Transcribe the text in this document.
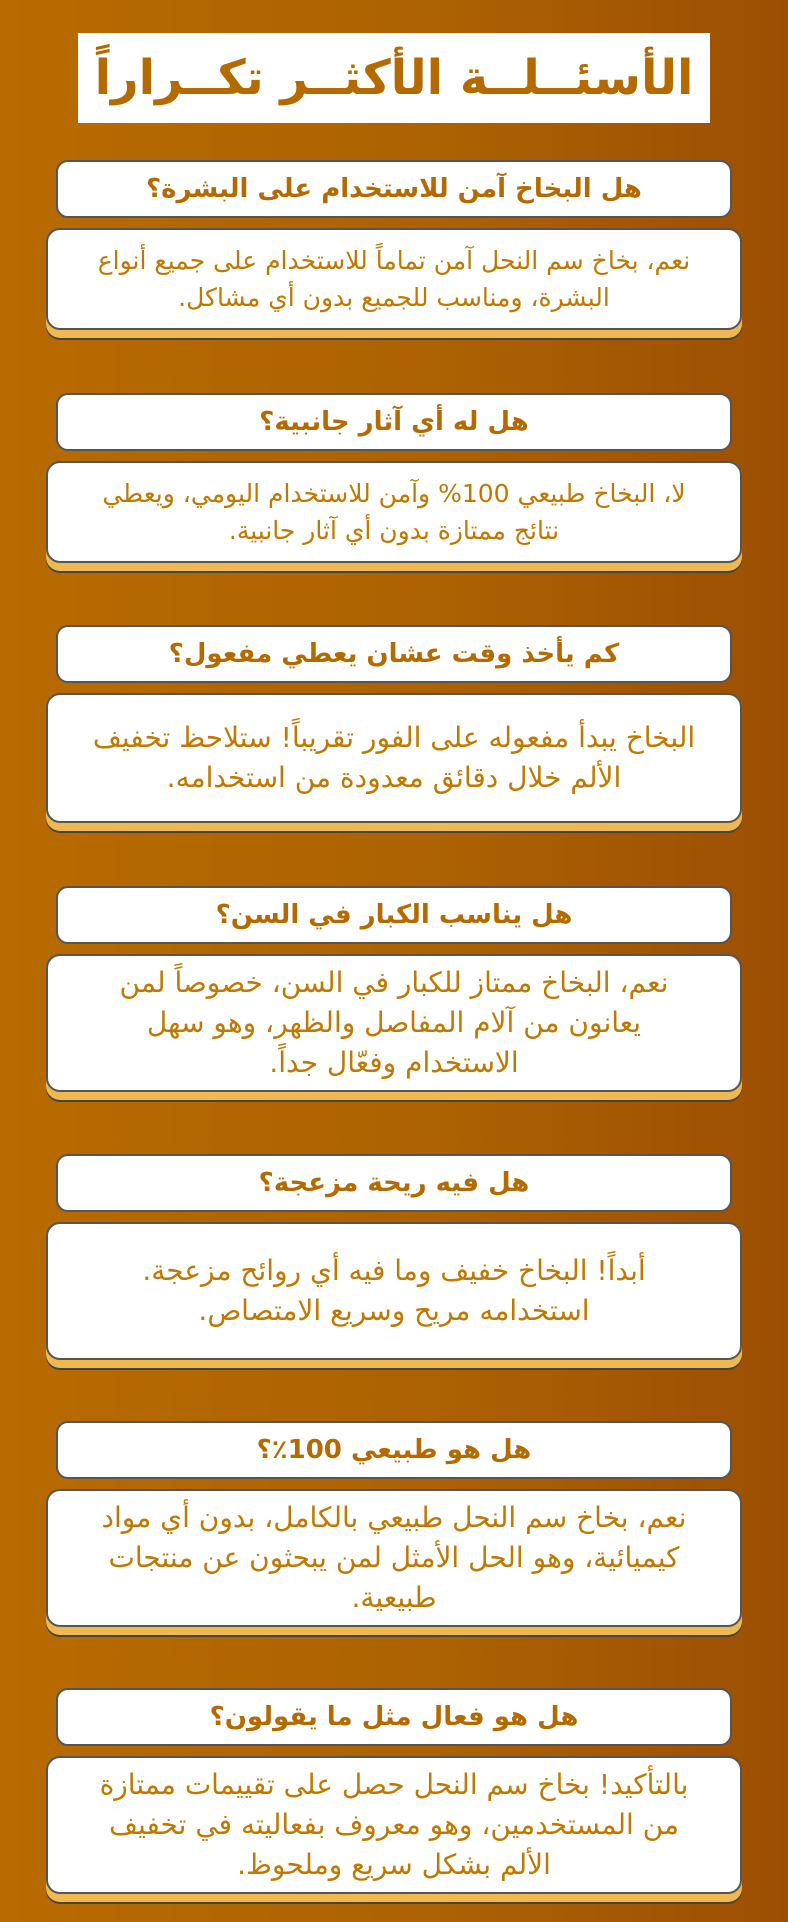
الأسئــلــة الأكثــر تكــراراً
هل البخاخ آمن للاستخدام على البشرة؟
نعم، بخاخ سم النحل آمن تماماً للاستخدام على جميع أنواع البشرة، ومناسب للجميع بدون أي مشاكل.
هل له أي آثار جانبية؟
لا، البخاخ طبيعي 100% وآمن للاستخدام اليومي، ويعطي نتائج ممتازة بدون أي آثار جانبية.
كم يأخذ وقت عشان يعطي مفعول؟
البخاخ يبدأ مفعوله على الفور تقريباً! ستلاحظ تخفيف الألم خلال دقائق معدودة من استخدامه.
هل يناسب الكبار في السن؟
نعم، البخاخ ممتاز للكبار في السن، خصوصاً لمن يعانون من آلام المفاصل والظهر، وهو سهل الاستخدام وفعّال جداً.
هل فيه ريحة مزعجة؟
أبداً! البخاخ خفيف وما فيه أي روائح مزعجة. استخدامه مريح وسريع الامتصاص.
هل هو طبيعي 100٪؟
نعم، بخاخ سم النحل طبيعي بالكامل، بدون أي مواد كيميائية، وهو الحل الأمثل لمن يبحثون عن منتجات طبيعية.
هل هو فعال مثل ما يقولون؟
بالتأكيد! بخاخ سم النحل حصل على تقييمات ممتازة من المستخدمين، وهو معروف بفعاليته في تخفيف الألم بشكل سريع وملحوظ.
